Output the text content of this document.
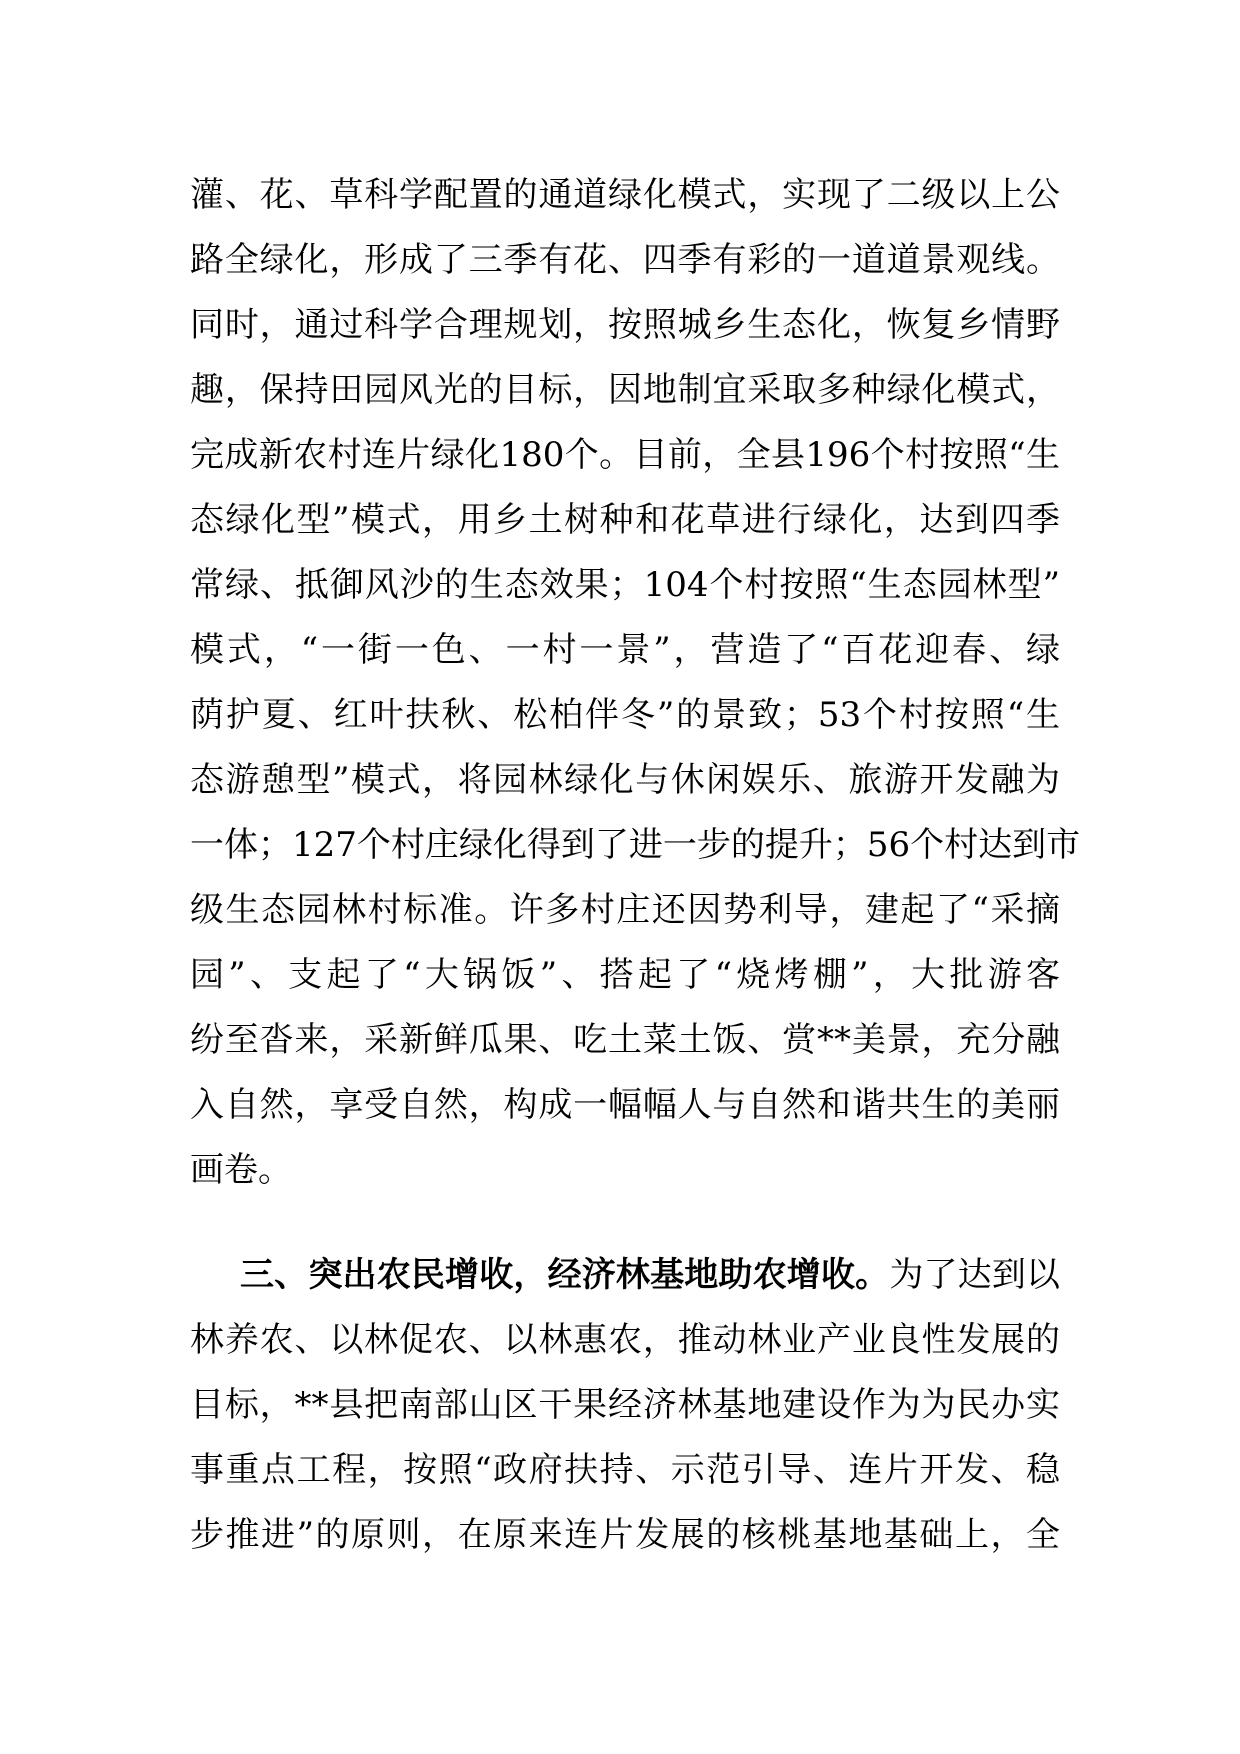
灌、花、草科学配置的通道绿化模式，实现了二级以上公
路全绿化，形成了三季有花、四季有彩的一道道景观线。
同时，通过科学合理规划，按照城乡生态化，恢复乡情野
趣，保持田园风光的目标，因地制宜采取多种绿化模式，
完成新农村连片绿化180个。目前，全县196个村按照“生
态绿化型”模式，用乡土树种和花草进行绿化，达到四季
常绿、抵御风沙的生态效果；104个村按照“生态园林型”
模式，“一街一色、一村一景”，营造了“百花迎春、绿
荫护夏、红叶扶秋、松柏伴冬”的景致；53个村按照“生
态游憩型”模式，将园林绿化与休闲娱乐、旅游开发融为
一体；127个村庄绿化得到了进一步的提升；56个村达到市
级生态园林村标准。许多村庄还因势利导，建起了“采摘
园”、支起了“大锅饭”、搭起了“烧烤棚”，大批游客
纷至沓来，采新鲜瓜果、吃土菜土饭、赏**美景，充分融
入自然，享受自然，构成一幅幅人与自然和谐共生的美丽
画卷。
三、突出农民增收，经济林基地助农增收。为了达到以
林养农、以林促农、以林惠农，推动林业产业良性发展的
目标，**县把南部山区干果经济林基地建设作为为民办实
事重点工程，按照“政府扶持、示范引导、连片开发、稳
步推进”的原则，在原来连片发展的核桃基地基础上，全
